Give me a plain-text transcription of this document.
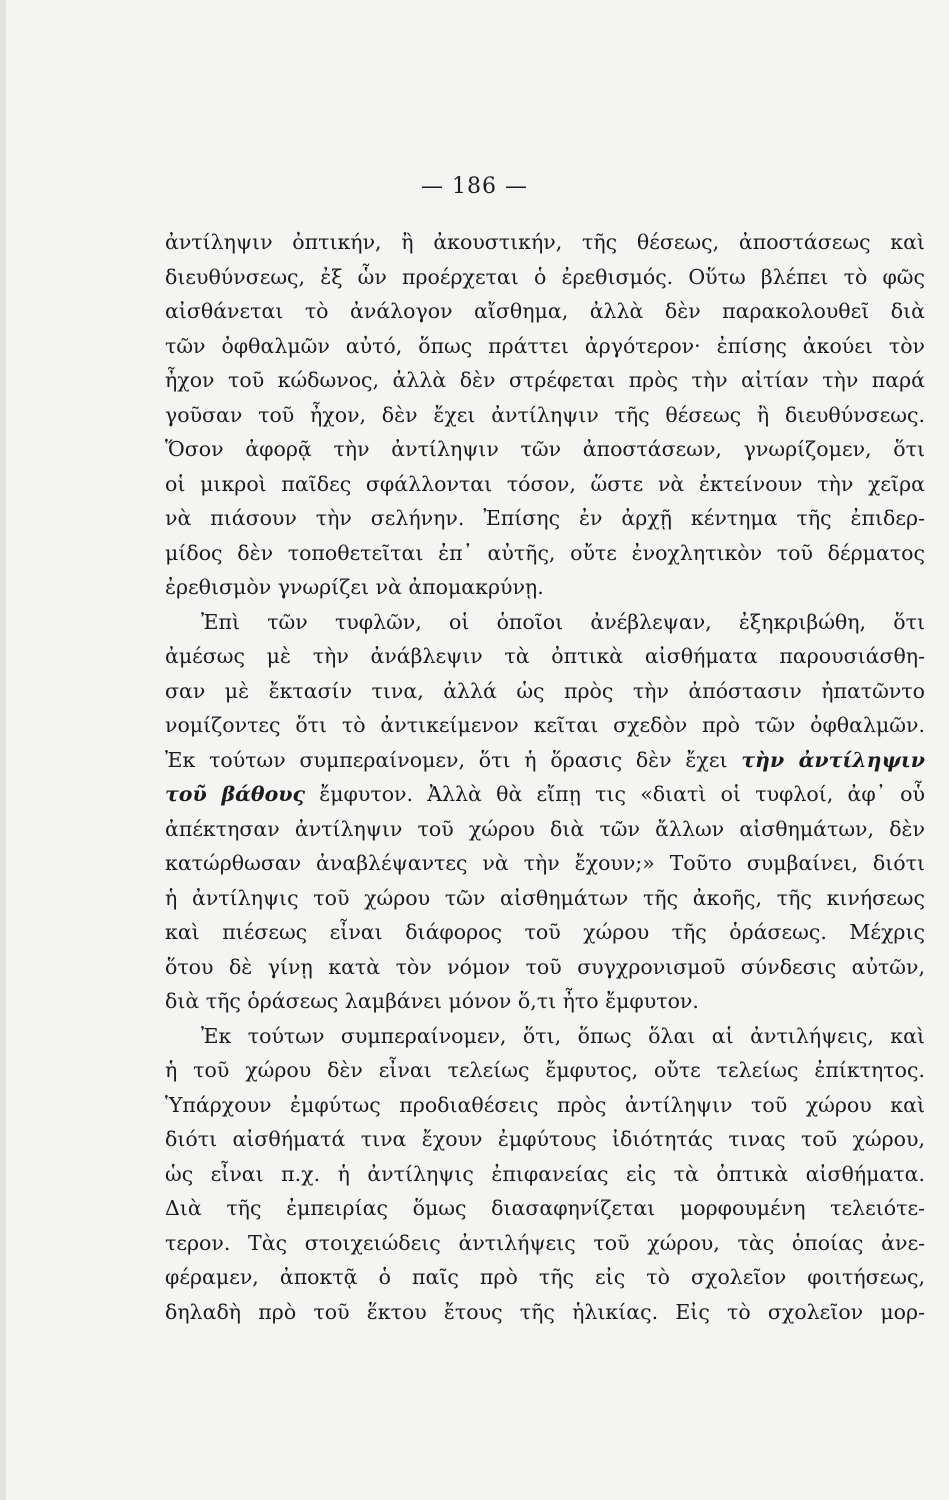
— 186 —
ἀντίληψιν ὀπτικήν, ἢ ἀκουστικήν, τῆς θέσεως, ἀποστάσεως καὶ
διευθύνσεως, ἐξ ὧν προέρχεται ὁ ἐρεθισμός. Οὕτω βλέπει τὸ φῶς
αἰσθάνεται τὸ ἀνάλογον αἴσθημα, ἀλλὰ δὲν παρακολουθεῖ διὰ
τῶν ὀφθαλμῶν αὐτό, ὅπως πράττει ἀργότερον· ἐπίσης ἀκούει τὸν
ἦχον τοῦ κώδωνος, ἀλλὰ δὲν στρέφεται πρὸς τὴν αἰτίαν τὴν παρά
γοῦσαν τοῦ ἦχον, δὲν ἔχει ἀντίληψιν τῆς θέσεως ἢ διευθύνσεως.
Ὅσον ἀφορᾷ τὴν ἀντίληψιν τῶν ἀποστάσεων, γνωρίζομεν, ὅτι
οἱ μικροὶ παῖδες σφάλλονται τόσον, ὥστε νὰ ἐκτείνουν τὴν χεῖρα
νὰ πιάσουν τὴν σελήνην. Ἐπίσης ἐν ἀρχῇ κέντημα τῆς ἐπιδερ-
μίδος δὲν τοποθετεῖται ἐπ᾽ αὐτῆς, οὔτε ἐνοχλητικὸν τοῦ δέρματος
ἐρεθισμὸν γνωρίζει νὰ ἀπομακρύνῃ.
Ἐπὶ τῶν τυφλῶν, οἱ ὁποῖοι ἀνέβλεψαν, ἐξηκριβώθη, ὅτι
ἀμέσως μὲ τὴν ἀνάβλεψιν τὰ ὀπτικὰ αἰσθήματα παρουσιάσθη-
σαν μὲ ἔκτασίν τινα, ἀλλά ὡς πρὸς τὴν ἀπόστασιν ἠπατῶντο
νομίζοντες ὅτι τὸ ἀντικείμενον κεῖται σχεδὸν πρὸ τῶν ὀφθαλμῶν.
Ἐκ τούτων συμπεραίνομεν, ὅτι ἡ ὅρασις δὲν ἔχει τὴν ἀντίληψιν
τοῦ βάθους ἔμφυτον. Ἀλλὰ θὰ εἴπῃ τις «διατὶ οἱ τυφλοί, ἀφ᾽ οὗ
ἀπέκτησαν ἀντίληψιν τοῦ χώρου διὰ τῶν ἄλλων αἰσθημάτων, δὲν
κατώρθωσαν ἀναβλέψαντες νὰ τὴν ἔχουν;» Τοῦτο συμβαίνει, διότι
ἡ ἀντίληψις τοῦ χώρου τῶν αἰσθημάτων τῆς ἀκοῆς, τῆς κινήσεως
καὶ πιέσεως εἶναι διάφορος τοῦ χώρου τῆς ὁράσεως. Μέχρις
ὅτου δὲ γίνῃ κατὰ τὸν νόμον τοῦ συγχρονισμοῦ σύνδεσις αὐτῶν,
διὰ τῆς ὁράσεως λαμβάνει μόνον ὅ,τι ἦτο ἔμφυτον.
Ἐκ τούτων συμπεραίνομεν, ὅτι, ὅπως ὅλαι αἱ ἀντιλήψεις, καὶ
ἡ τοῦ χώρου δὲν εἶναι τελείως ἔμφυτος, οὔτε τελείως ἐπίκτητος.
Ὑπάρχουν ἐμφύτως προδιαθέσεις πρὸς ἀντίληψιν τοῦ χώρου καὶ
διότι αἰσθήματά τινα ἔχουν ἐμφύτους ἰδιότητάς τινας τοῦ χώρου,
ὡς εἶναι π.χ. ἡ ἀντίληψις ἐπιφανείας εἰς τὰ ὀπτικὰ αἰσθήματα.
Διὰ τῆς ἐμπειρίας ὅμως διασαφηνίζεται μορφουμένη τελειότε-
τερον. Τὰς στοιχειώδεις ἀντιλήψεις τοῦ χώρου, τὰς ὁποίας ἀνε-
φέραμεν, ἀποκτᾷ ὁ παῖς πρὸ τῆς εἰς τὸ σχολεῖον φοιτήσεως,
δηλαδὴ πρὸ τοῦ ἕκτου ἔτους τῆς ἡλικίας. Εἰς τὸ σχολεῖον μορ-
